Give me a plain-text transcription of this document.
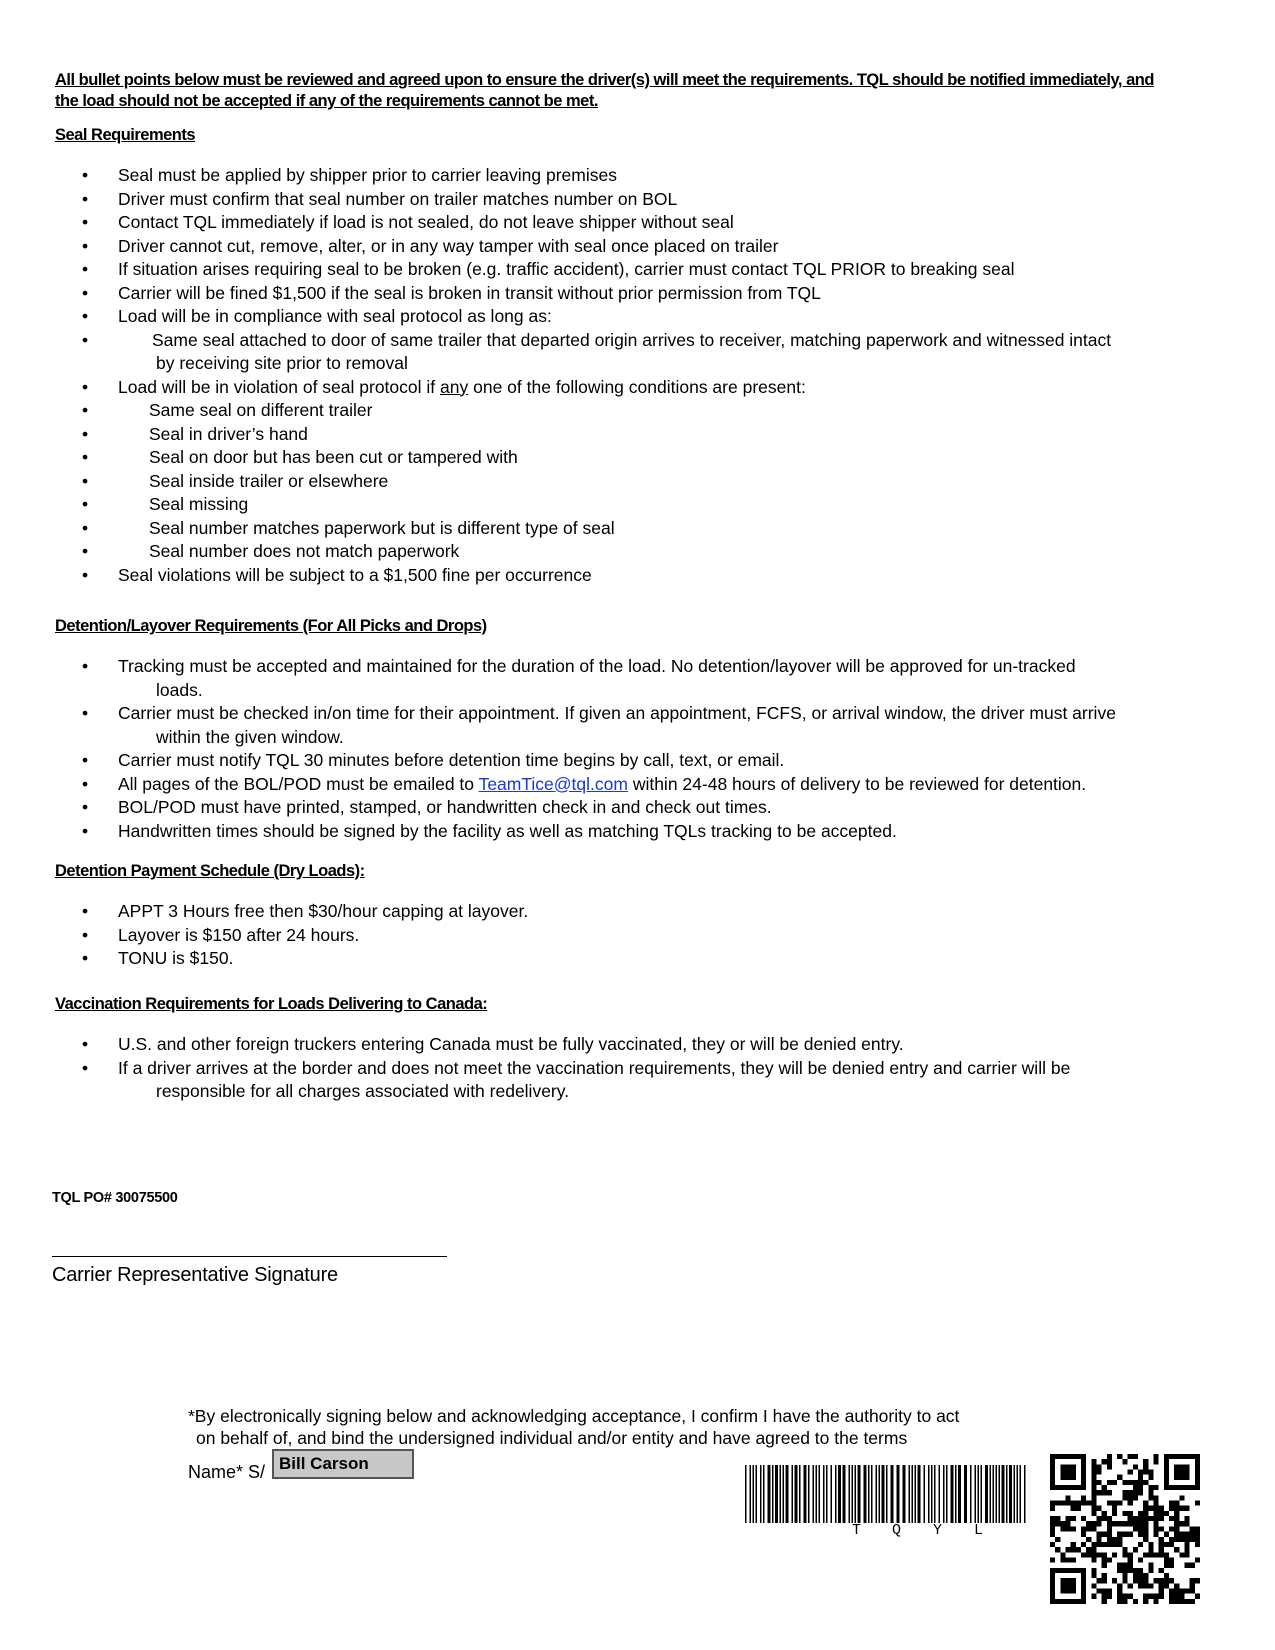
All bullet points below must be reviewed and agreed upon to ensure the driver(s) will meet the requirements. TQL should be notified immediately, and the load should not be accepted if any of the requirements cannot be met.
Seal Requirements
• Seal must be applied by shipper prior to carrier leaving premises
• Driver must confirm that seal number on trailer matches number on BOL
• Contact TQL immediately if load is not sealed, do not leave shipper without seal
• Driver cannot cut, remove, alter, or in any way tamper with seal once placed on trailer
• If situation arises requiring seal to be broken (e.g. traffic accident), carrier must contact TQL PRIOR to breaking seal
• Carrier will be fined $1,500 if the seal is broken in transit without prior permission from TQL
• Load will be in compliance with seal protocol as long as:
•	Same seal attached to door of same trailer that departed origin arrives to receiver, matching paperwork and witnessed intact
by receiving site prior to removal
• Load will be in violation of seal protocol if any one of the following conditions are present:
•	Same seal on different trailer
•	Seal in driver’s hand
•	Seal on door but has been cut or tampered with
•	Seal inside trailer or elsewhere
•	Seal missing
•	Seal number matches paperwork but is different type of seal
•	Seal number does not match paperwork
• Seal violations will be subject to a $1,500 fine per occurrence
Detention/Layover Requirements (For All Picks and Drops)
• Tracking must be accepted and maintained for the duration of the load. No detention/layover will be approved for un-tracked
loads.
• Carrier must be checked in/on time for their appointment. If given an appointment, FCFS, or arrival window, the driver must arrive
within the given window.
• Carrier must notify TQL 30 minutes before detention time begins by call, text, or email.
• All pages of the BOL/POD must be emailed to TeamTice@tql.com within 24-48 hours of delivery to be reviewed for detention.
• BOL/POD must have printed, stamped, or handwritten check in and check out times.
• Handwritten times should be signed by the facility as well as matching TQLs tracking to be accepted.
Detention Payment Schedule (Dry Loads):
• APPT 3 Hours free then $30/hour capping at layover.
• Layover is $150 after 24 hours.
• TONU is $150.
Vaccination Requirements for Loads Delivering to Canada:
• U.S. and other foreign truckers entering Canada must be fully vaccinated, they or will be denied entry.
• If a driver arrives at the border and does not meet the vaccination requirements, they will be denied entry and carrier will be
responsible for all charges associated with redelivery.
TQL PO# 30075500
Carrier Representative Signature
*By electronically signing below and acknowledging acceptance, I confirm I have the authority to act
on behalf of, and bind the undersigned individual and/or entity and have agreed to the terms
Name* S/ Bill Carson
T Q Y L
